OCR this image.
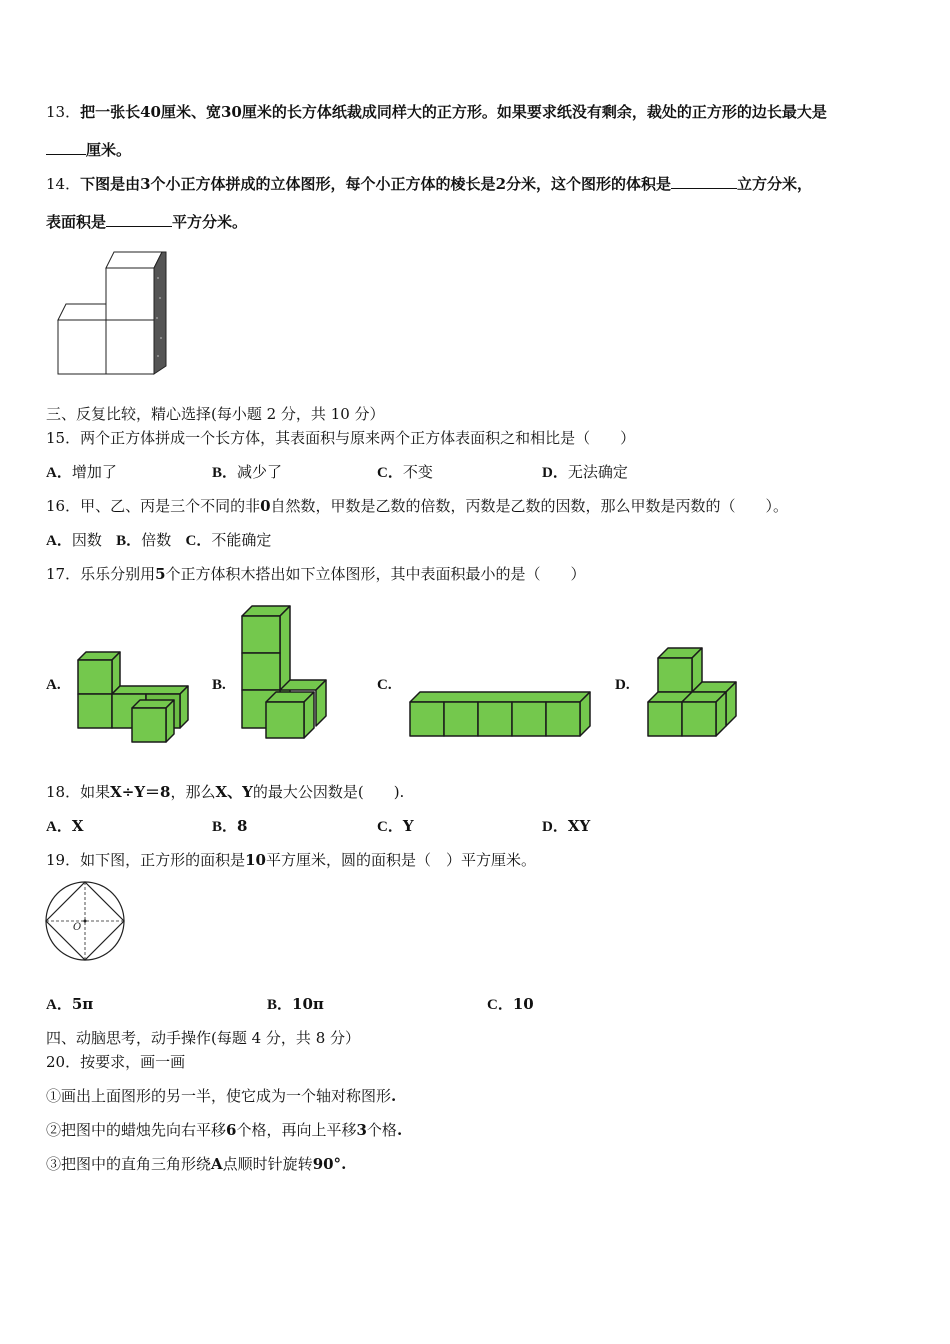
13．把一张长40厘米、宽30厘米的长方体纸裁成同样大的正方形。如果要求纸没有剩余，裁处的正方形的边长最大是
厘米。
14．下图是由3个小正方体拼成的立体图形，每个小正方体的棱长是2分米，这个图形的体积是	立方分米，
表面积是	平方分米。
三、反复比较，精心选择(每小题 2 分，共 10 分）
15．两个正方体拼成一个长方体，其表面积与原来两个正方体表面积之和相比是（　　）
A．增加了	B．减少了	C．不变	D．无法确定
16．甲、乙、丙是三个不同的非0自然数，甲数是乙数的倍数，丙数是乙数的因数，那么甲数是丙数的（　　）。
A．因数 B．倍数 C．不能确定
17．乐乐分别用5个正方体积木搭出如下立体图形，其中表面积最小的是（　　）
A.	B.	C.	D.
18．如果X÷Y＝8，那么X、Y的最大公因数是(　　).
A．X	B．8	C．Y	D．XY
19．如下图，正方形的面积是10平方厘米，圆的面积是（　）平方厘米。
O
A．5π	B．10π	C．10
四、动脑思考，动手操作(每题 4 分，共 8 分）
20．按要求，画一画
①画出上面图形的另一半，使它成为一个轴对称图形.
②把图中的蜡烛先向右平移6个格，再向上平移3个格.
③把图中的直角三角形绕A点顺时针旋转90°.
